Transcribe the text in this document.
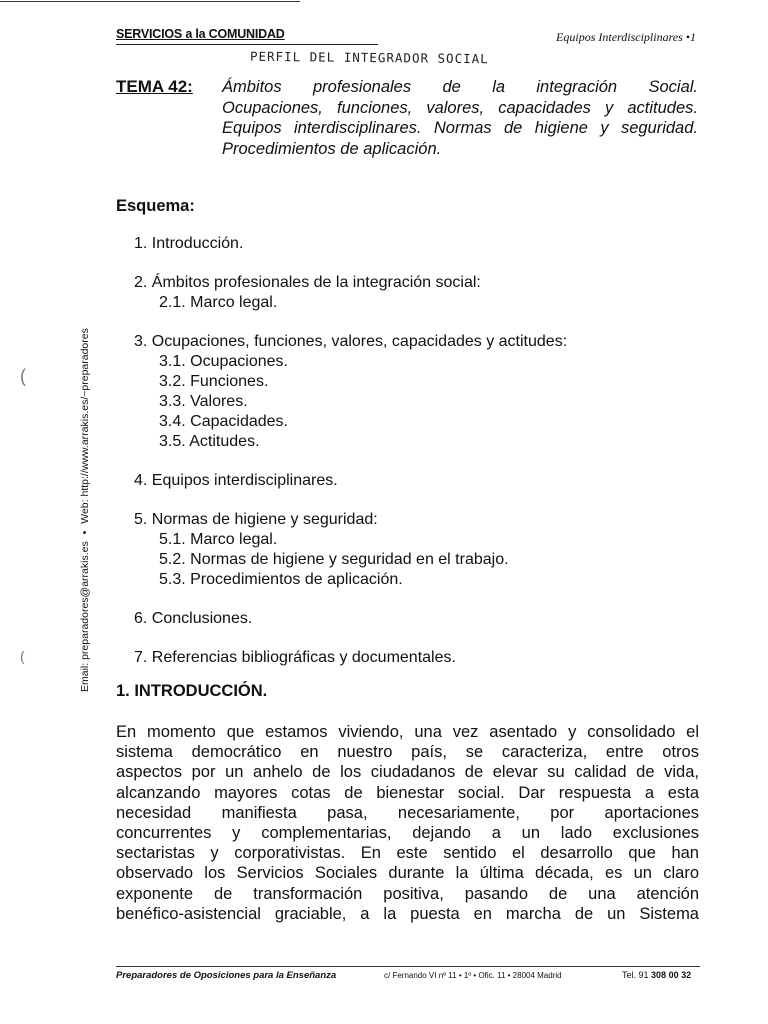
SERVICIOS a la COMUNIDAD	Equipos Interdisciplinares •1
PERFIL DEL INTEGRADOR SOCIAL
TEMA 42: Ámbitos profesionales de la integración Social.
Ocupaciones, funciones, valores, capacidades y actitudes.
Equipos interdisciplinares. Normas de higiene y seguridad.
Procedimientos de aplicación.
Esquema:
1. Introducción.
2. Ámbitos profesionales de la integración social:
2.1. Marco legal.
3. Ocupaciones, funciones, valores, capacidades y actitudes:
3.1. Ocupaciones.
3.2. Funciones.
3.3. Valores.
3.4. Capacidades.
3.5. Actitudes.
4. Equipos interdisciplinares.
5. Normas de higiene y seguridad:
5.1. Marco legal.
5.2. Normas de higiene y seguridad en el trabajo.
5.3. Procedimientos de aplicación.
6. Conclusiones.
7. Referencias bibliográficas y documentales.
1. INTRODUCCIÓN.
En momento que estamos viviendo, una vez asentado y consolidado el
sistema democrático en nuestro país, se caracteriza, entre otros
aspectos por un anhelo de los ciudadanos de elevar su calidad de vida,
alcanzando mayores cotas de bienestar social. Dar respuesta a esta
necesidad manifiesta pasa, necesariamente, por aportaciones
concurrentes y complementarias, dejando a un lado exclusiones
sectaristas y corporativistas. En este sentido el desarrollo que han
observado los Servicios Sociales durante la última década, es un claro
exponente de transformación positiva, pasando de una atención
benéfico-asistencial graciable, a la puesta en marcha de un Sistema
Email: preparadores@arrakis.es • Web: http://www.arrakis.es/~preparadores
(
(
Preparadores de Oposiciones para la Enseñanza	c/ Fernando VI nº 11 • 1º • Ofic. 11 • 28004 Madrid	Tel. 91 308 00 32
